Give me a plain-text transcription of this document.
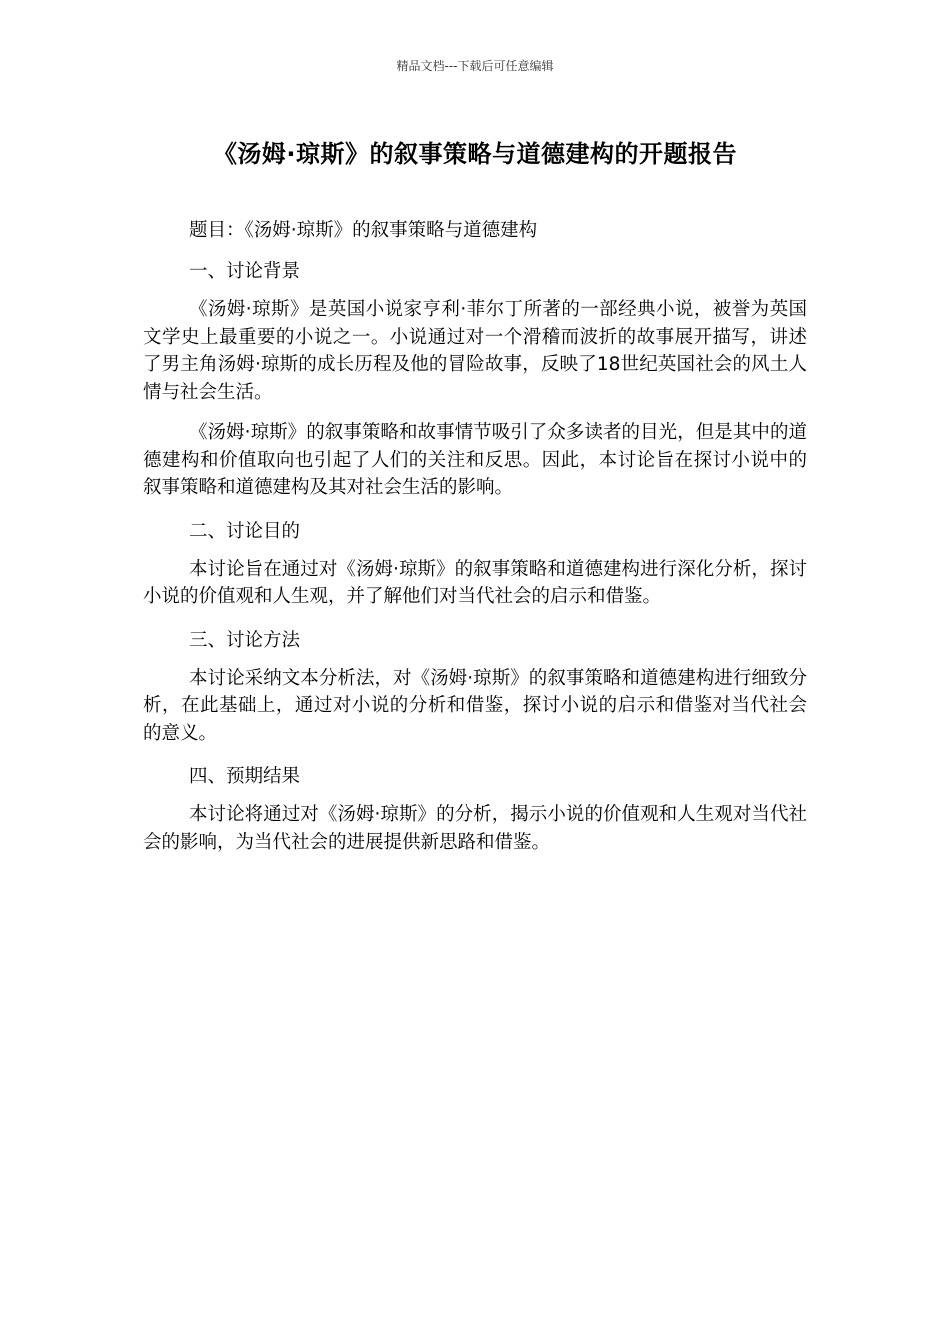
精品文档---下载后可任意编辑
《汤姆·琼斯》的叙事策略与道德建构的开题报告

题目：《汤姆·琼斯》的叙事策略与道德建构

一、讨论背景

《汤姆·琼斯》是英国小说家亨利·菲尔丁所著的一部经典小说，被誉为英国文学史上最重要的小说之一。小说通过对一个滑稽而波折的故事展开描写，讲述了男主角汤姆·琼斯的成长历程及他的冒险故事，反映了18世纪英国社会的风土人情与社会生活。

《汤姆·琼斯》的叙事策略和故事情节吸引了众多读者的目光，但是其中的道德建构和价值取向也引起了人们的关注和反思。因此，本讨论旨在探讨小说中的叙事策略和道德建构及其对社会生活的影响。

二、讨论目的

本讨论旨在通过对《汤姆·琼斯》的叙事策略和道德建构进行深化分析，探讨小说的价值观和人生观，并了解他们对当代社会的启示和借鉴。

三、讨论方法

本讨论采纳文本分析法，对《汤姆·琼斯》的叙事策略和道德建构进行细致分析，在此基础上，通过对小说的分析和借鉴，探讨小说的启示和借鉴对当代社会的意义。

四、预期结果

本讨论将通过对《汤姆·琼斯》的分析，揭示小说的价值观和人生观对当代社会的影响，为当代社会的进展提供新思路和借鉴。
